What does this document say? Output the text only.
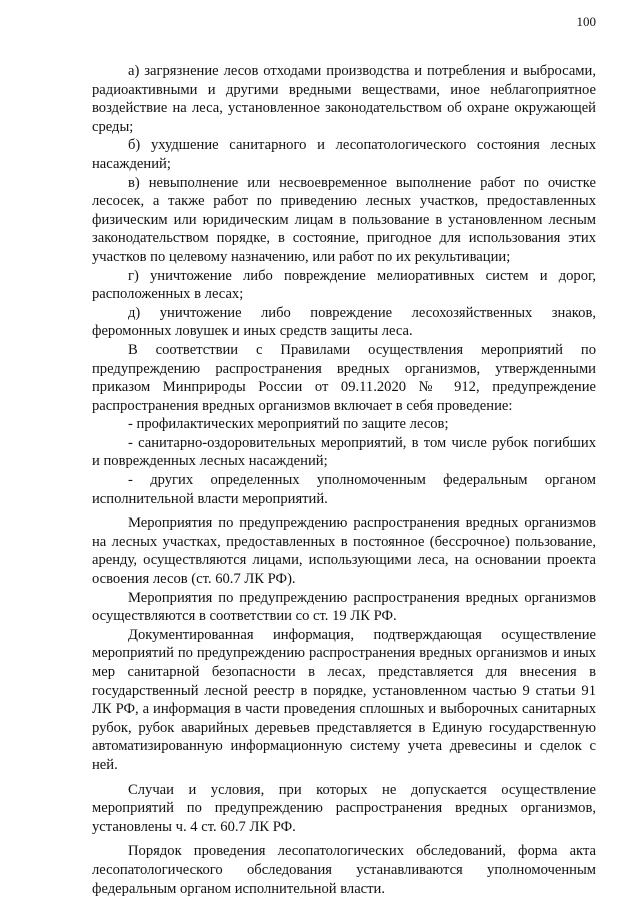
100

а) загрязнение лесов отходами производства и потребления и выбросами, радиоактивными и другими вредными веществами, иное неблагоприятное воздействие на леса, установленное законодательством об охране окружающей среды;

б) ухудшение санитарного и лесопатологического состояния лесных насаждений;

в) невыполнение или несвоевременное выполнение работ по очистке лесосек, а также работ по приведению лесных участков, предоставленных физическим или юридическим лицам в пользование в установленном лесным законодательством порядке, в состояние, пригодное для использования этих участков по целевому назначению, или работ по их рекультивации;

г) уничтожение либо повреждение мелиоративных систем и дорог, расположенных в лесах;

д) уничтожение либо повреждение лесохозяйственных знаков, феромонных ловушек и иных средств защиты леса.

В соответствии с Правилами осуществления мероприятий по предупреждению распространения вредных организмов, утвержденными приказом Минприроды России от 09.11.2020 № 912, предупреждение распространения вредных организмов включает в себя проведение:

- профилактических мероприятий по защите лесов;

- санитарно-оздоровительных мероприятий, в том числе рубок погибших и поврежденных лесных насаждений;

- других определенных уполномоченным федеральным органом исполнительной власти мероприятий.

Мероприятия по предупреждению распространения вредных организмов на лесных участках, предоставленных в постоянное (бессрочное) пользование, аренду, осуществляются лицами, использующими леса, на основании проекта освоения лесов (ст. 60.7 ЛК РФ).

Мероприятия по предупреждению распространения вредных организмов осуществляются в соответствии со ст. 19 ЛК РФ.

Документированная информация, подтверждающая осуществление мероприятий по предупреждению распространения вредных организмов и иных мер санитарной безопасности в лесах, представляется для внесения в государственный лесной реестр в порядке, установленном частью 9 статьи 91 ЛК РФ, а информация в части проведения сплошных и выборочных санитарных рубок, рубок аварийных деревьев представляется в Единую государственную автоматизированную информационную систему учета древесины и сделок с ней.

Случаи и условия, при которых не допускается осуществление мероприятий по предупреждению распространения вредных организмов, установлены ч. 4 ст. 60.7 ЛК РФ.

Порядок проведения лесопатологических обследований, форма акта лесопатологического обследования устанавливаются уполномоченным федеральным органом исполнительной власти.
